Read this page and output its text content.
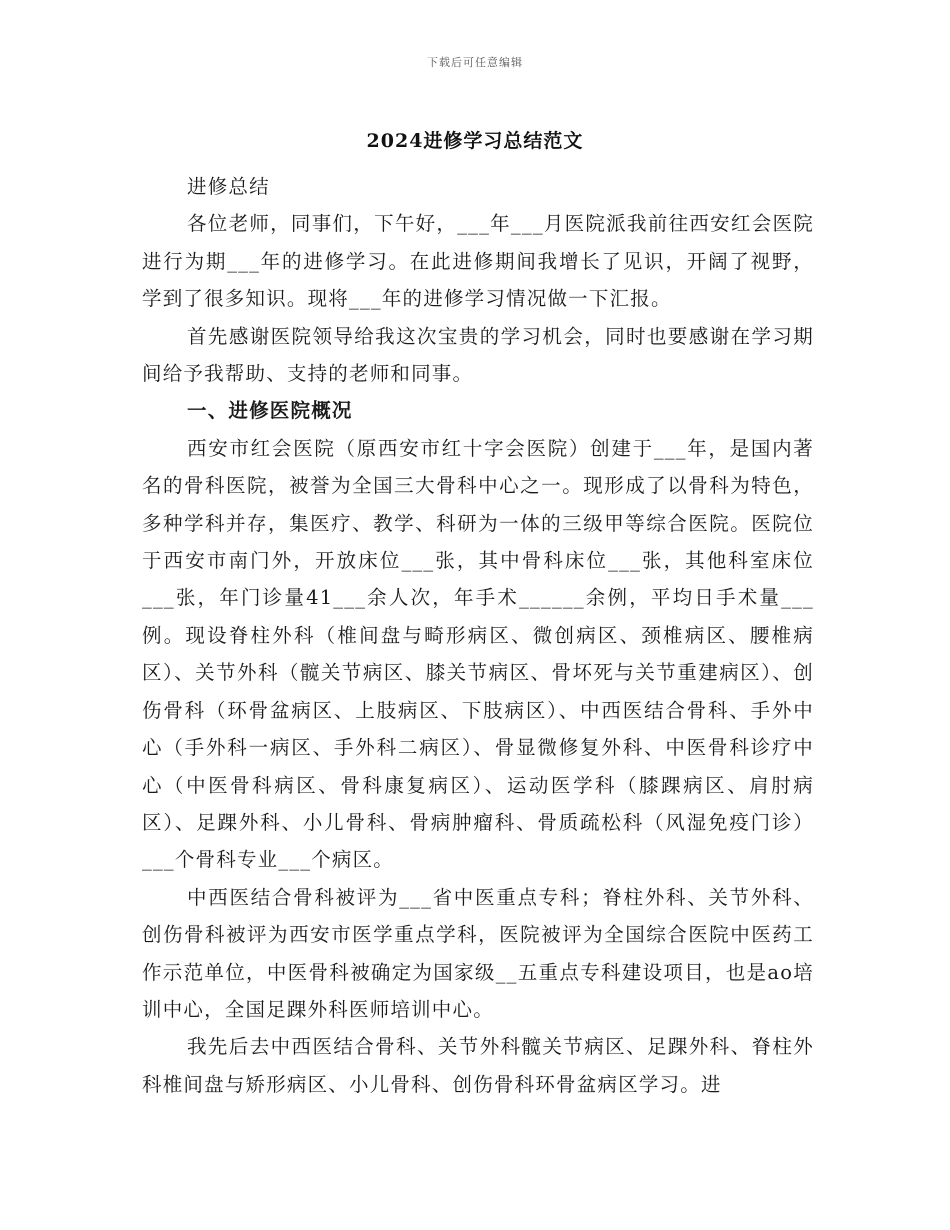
下载后可任意编辑
2024进修学习总结范文

进修总结

各位老师，同事们，下午好，___年___月医院派我前往西安红会医院进行为期___年的进修学习。在此进修期间我增长了见识，开阔了视野，学到了很多知识。现将___年的进修学习情况做一下汇报。

首先感谢医院领导给我这次宝贵的学习机会，同时也要感谢在学习期间给予我帮助、支持的老师和同事。

一、进修医院概况

西安市红会医院（原西安市红十字会医院）创建于___年，是国内著名的骨科医院，被誉为全国三大骨科中心之一。现形成了以骨科为特色，多种学科并存，集医疗、教学、科研为一体的三级甲等综合医院。医院位于西安市南门外，开放床位___张，其中骨科床位___张，其他科室床位___张，年门诊量41___余人次，年手术______余例，平均日手术量___例。现设脊柱外科（椎间盘与畸形病区、微创病区、颈椎病区、腰椎病区）、关节外科（髋关节病区、膝关节病区、骨坏死与关节重建病区）、创伤骨科（环骨盆病区、上肢病区、下肢病区）、中西医结合骨科、手外中心（手外科一病区、手外科二病区）、骨显微修复外科、中医骨科诊疗中心（中医骨科病区、骨科康复病区）、运动医学科（膝踝病区、肩肘病区）、足踝外科、小儿骨科、骨病肿瘤科、骨质疏松科（风湿免疫门诊）___个骨科专业___个病区。

中西医结合骨科被评为___省中医重点专科；脊柱外科、关节外科、创伤骨科被评为西安市医学重点学科，医院被评为全国综合医院中医药工作示范单位，中医骨科被确定为国家级__五重点专科建设项目，也是ao培训中心，全国足踝外科医师培训中心。

我先后去中西医结合骨科、关节外科髋关节病区、足踝外科、脊柱外科椎间盘与矫形病区、小儿骨科、创伤骨科环骨盆病区学习。进
